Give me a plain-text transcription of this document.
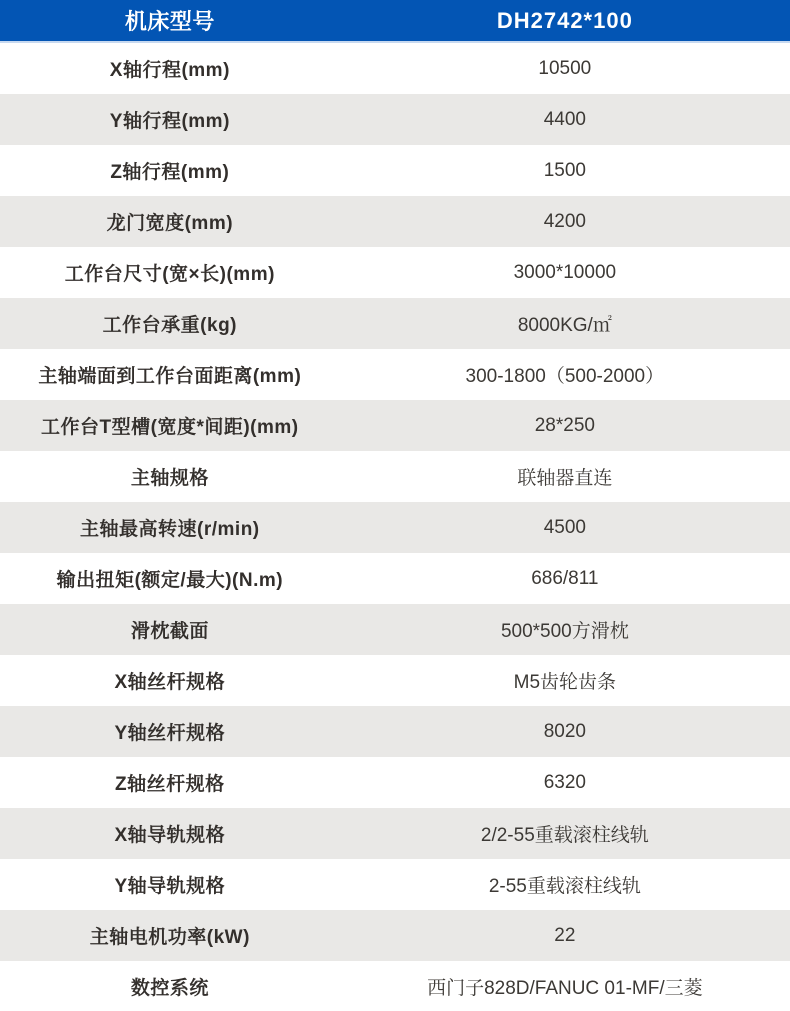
机床型号	DH2742*100
X轴行程(mm)	10500
Y轴行程(mm)	4400
Z轴行程(mm)	1500
龙门宽度(mm)	4200
工作台尺寸(宽×长)(mm)	3000*10000
工作台承重(kg)	8000KG/㎡
主轴端面到工作台面距离(mm)	300-1800（500-2000）
工作台T型槽(宽度*间距)(mm)	28*250
主轴规格	联轴器直连
主轴最高转速(r/min)	4500
输出扭矩(额定/最大)(N.m)	686/811
滑枕截面	500*500方滑枕
X轴丝杆规格	M5齿轮齿条
Y轴丝杆规格	8020
Z轴丝杆规格	6320
X轴导轨规格	2/2-55重载滚柱线轨
Y轴导轨规格	2-55重载滚柱线轨
主轴电机功率(kW)	22
数控系统	西门子828D/FANUC 01-MF/三菱
